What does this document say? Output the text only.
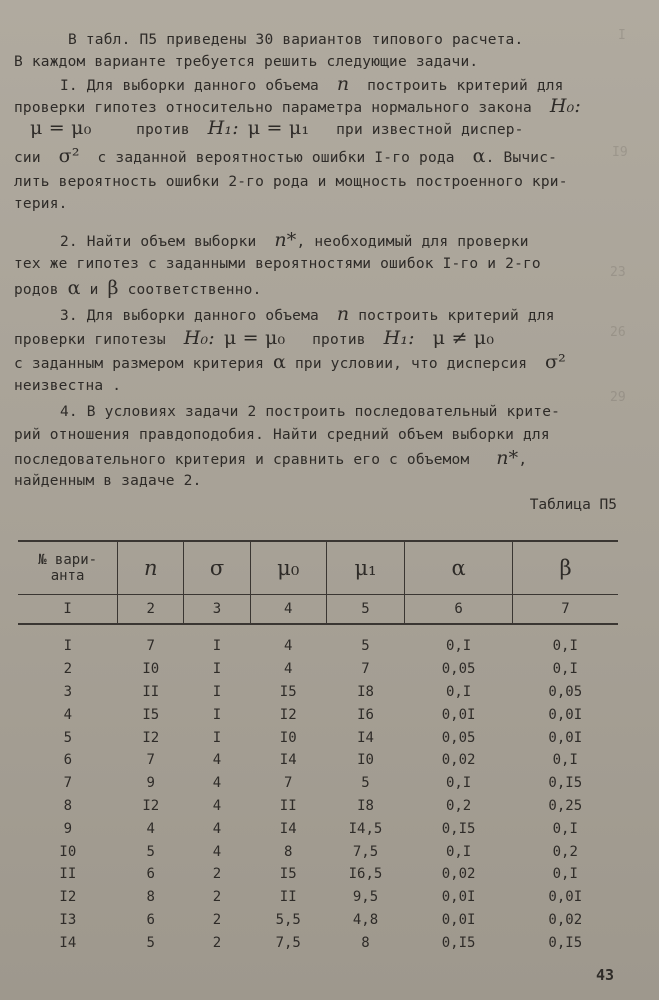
I
I9
23
26
29
В табл. П5 приведены 30 вариантов типового расчета.
В каждом варианте требуется решить следующие задачи.
I. Для выборки данного объема n построить критерий для
проверки гипотез относительно параметра нормального закона H₀:
μ = μ₀	против H₁: μ = μ₁ при известной диспер-
сии σ² с заданной вероятностью ошибки I-го рода α. Вычис-
лить вероятность ошибки 2-го рода и мощность построенного кри-
терия.
2. Найти объем выборки n*, необходимый для проверки
тех же гипотез с заданными вероятностями ошибок I-го и 2-го
родов α и β соответственно.
3. Для выборки данного объема n построить критерий для
проверки гипотезы H₀: μ = μ₀ против H₁: μ ≠ μ₀
с заданным размером критерия α при условии, что дисперсия σ²
неизвестна .
4. В условиях задачи 2 построить последовательный крите-
рий отношения правдоподобия. Найти средний объем выборки для
последовательного критерия и сравнить его с объемом n*,
найденным в задаче 2.
Таблица П5
№ вари-
анта	n	σ	μ₀	μ₁	α	β
I	2	3	4	5	6	7
I	7	I	4	5	0,I	0,I
2	I0	I	4	7	0,05	0,I
3	II	I	I5	I8	0,I	0,05
4	I5	I	I2	I6	0,0I	0,0I
5	I2	I	I0	I4	0,05	0,0I
6	7	4	I4	I0	0,02	0,I
7	9	4	7	5	0,I	0,I5
8	I2	4	II	I8	0,2	0,25
9	4	4	I4	I4,5	0,I5	0,I
I0	5	4	8	7,5	0,I	0,2
II	6	2	I5	I6,5	0,02	0,I
I2	8	2	II	9,5	0,0I	0,0I
I3	6	2	5,5	4,8	0,0I	0,02
I4	5	2	7,5	8	0,I5	0,I5
43
